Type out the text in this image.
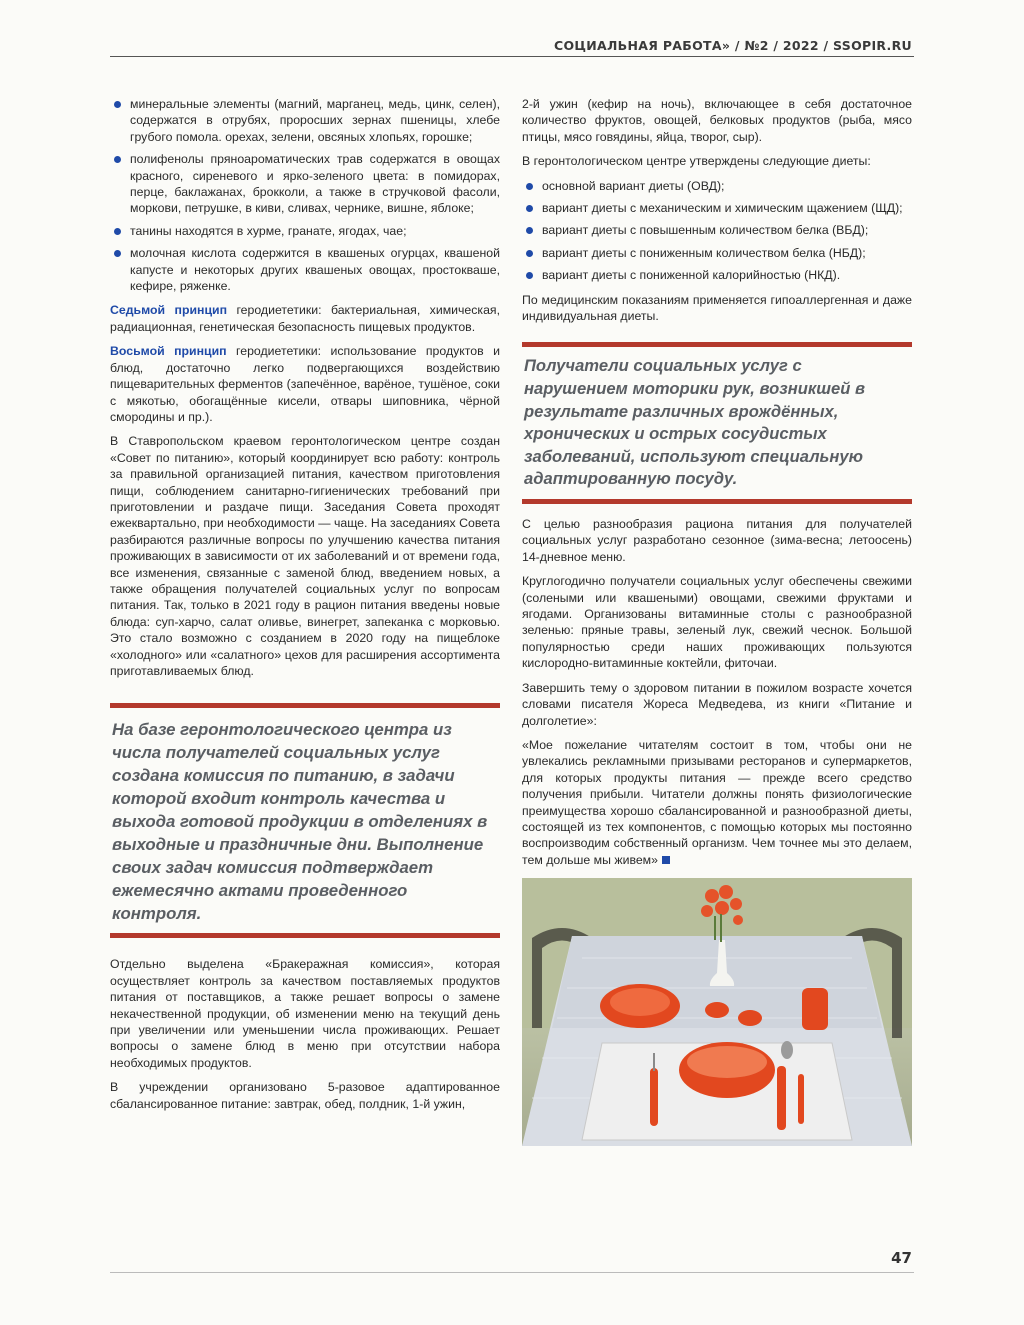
СОЦИАЛЬНАЯ РАБОТА» / №2 / 2022 / SSOPIR.RU
минеральные элементы (магний, марганец, медь, цинк, селен), содержатся в отрубях, проросших зернах пшеницы, хлебе грубого помола. орехах, зелени, овсяных хлопьях, горошке;
полифенолы пряноароматических трав содержатся в овощах красного, сиреневого и ярко-зеленого цвета: в помидорах, перце, баклажанах, брокколи, а также в стручковой фасоли, моркови, петрушке, в киви, сливах, чернике, вишне, яблоке;
танины находятся в хурме, гранате, ягодах, чае;
молочная кислота содержится в квашеных огурцах, квашеной капусте и некоторых других квашеных овощах, простокваше, кефире, ряженке.

Седьмой принцип геродиететики: бактериальная, химическая, радиационная, генетическая безопасность пищевых продуктов.

Восьмой принцип геродиететики: использование продуктов и блюд, достаточно легко подвергающихся воздействию пищеварительных ферментов (запечённое, варёное, тушёное, соки с мякотью, обогащённые кисели, отвары шиповника, чёрной смородины и пр.).

В Ставропольском краевом геронтологическом центре создан «Совет по питанию», который координирует всю работу: контроль за правильной организацией питания, качеством приготовления пищи, соблюдением санитарно-гигиенических требований при приготовлении и раздаче пищи. Заседания Совета проходят ежеквартально, при необходимости — чаще. На заседаниях Совета разбираются различные вопросы по улучшению качества питания проживающих в зависимости от их заболеваний и от времени года, все изменения, связанные с заменой блюд, введением новых, а также обращения получателей социальных услуг по вопросам питания. Так, только в 2021 году в рацион питания введены новые блюда: суп-харчо, салат оливье, винегрет, запеканка с морковью. Это стало возможно с созданием в 2020 году на пищеблоке «холодного» или «салатного» цехов для расширения ассортимента приготавливаемых блюд.

На базе геронтологического центра из числа получателей социальных услуг создана комиссия по питанию, в задачи которой входит контроль качества и выхода готовой продукции в отделениях в выходные и праздничные дни. Выполнение своих задач комиссия подтверждает ежемесячно актами проведенного контроля.

Отдельно выделена «Бракеражная комиссия», которая осуществляет контроль за качеством поставляемых продуктов питания от поставщиков, а также решает вопросы о замене некачественной продукции, об изменении меню на текущий день при увеличении или уменьшении числа проживающих. Решает вопросы о замене блюд в меню при отсутствии набора необходимых продуктов.

В учреждении организовано 5-разовое адаптированное сбалансированное питание: завтрак, обед, полдник, 1-й ужин,

2-й ужин (кефир на ночь), включающее в себя достаточное количество фруктов, овощей, белковых продуктов (рыба, мясо птицы, мясо говядины, яйца, творог, сыр).

В геронтологическом центре утверждены следующие диеты:

основной вариант диеты (ОВД);
вариант диеты с механическим и химическим щажением (ЩД);
вариант диеты с повышенным количеством белка (ВБД);
вариант диеты с пониженным количеством белка (НБД);
вариант диеты с пониженной калорийностью (НКД).

По медицинским показаниям применяется гипоаллергенная и даже индивидуальная диеты.

Получатели социальных услуг с нарушением моторики рук, возникшей в результате различных врождённых, хронических и острых сосудистых заболеваний, используют специальную адаптированную посуду.

С целью разнообразия рациона питания для получателей социальных услуг разработано сезонное (зима-весна; летоосень) 14-дневное меню.

Круглогодично получатели социальных услуг обеспечены свежими (солеными или квашеными) овощами, свежими фруктами и ягодами. Организованы витаминные столы с разнообразной зеленью: пряные травы, зеленый лук, свежий чеснок. Большой популярностью среди наших проживающих пользуются кислородно-витаминные коктейли, фиточаи.

Завершить тему о здоровом питании в пожилом возрасте хочется словами писателя Жореса Медведева, из книги «Питание и долголетие»:

«Мое пожелание читателям состоит в том, чтобы они не увлекались рекламными призывами ресторанов и супермаркетов, для которых продукты питания — прежде всего средство получения прибыли. Читатели должны понять физиологические преимущества хорошо сбалансированной и разнообразной диеты, состоящей из тех компонентов, с помощью которых мы постоянно воспроизводим собственный организм. Чем точнее мы это делаем, тем дольше мы живем»

47
